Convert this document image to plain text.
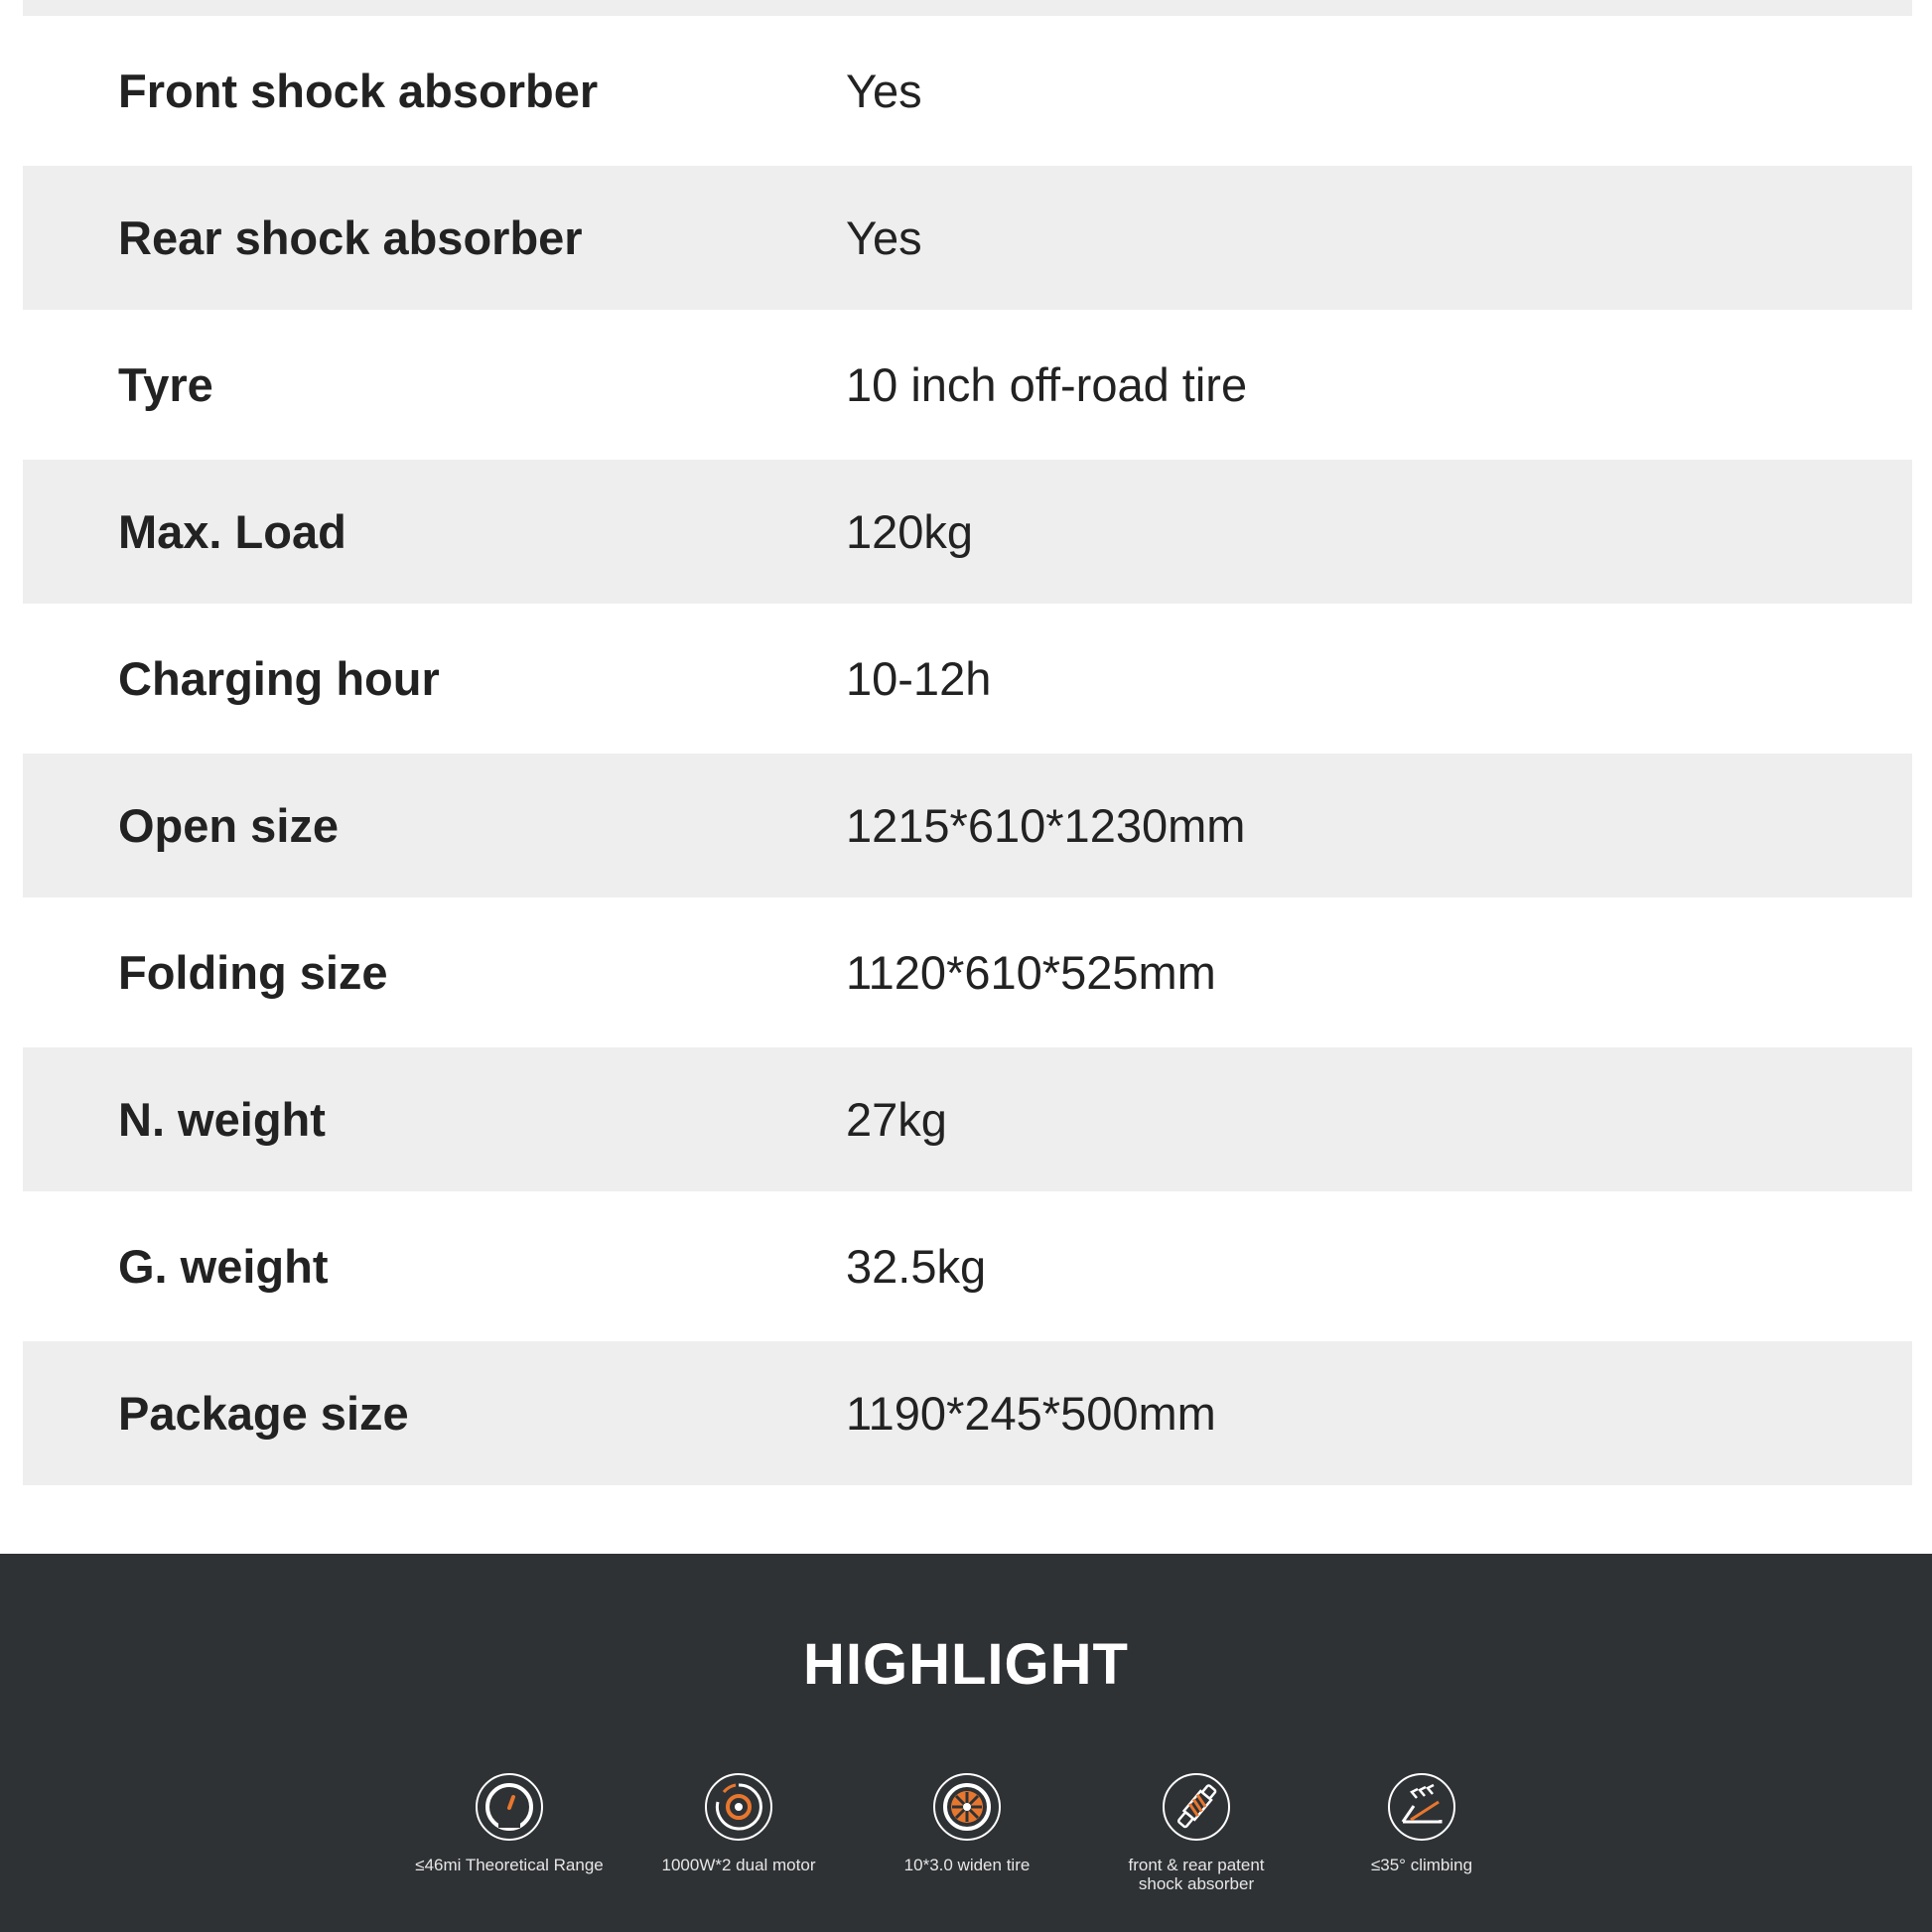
Front shock absorber	Yes
Rear shock absorber	Yes
Tyre	10 inch off-road tire
Max. Load	120kg
Charging hour	10-12h
Open size	1215*610*1230mm
Folding size	1120*610*525mm
N. weight	27kg
G. weight	32.5kg
Package size	1190*245*500mm
HIGHLIGHT
≤46mi Theoretical Range	1000W*2 dual motor	10*3.0 widen tire	front & rear patent
shock absorber
≤35° climbing
